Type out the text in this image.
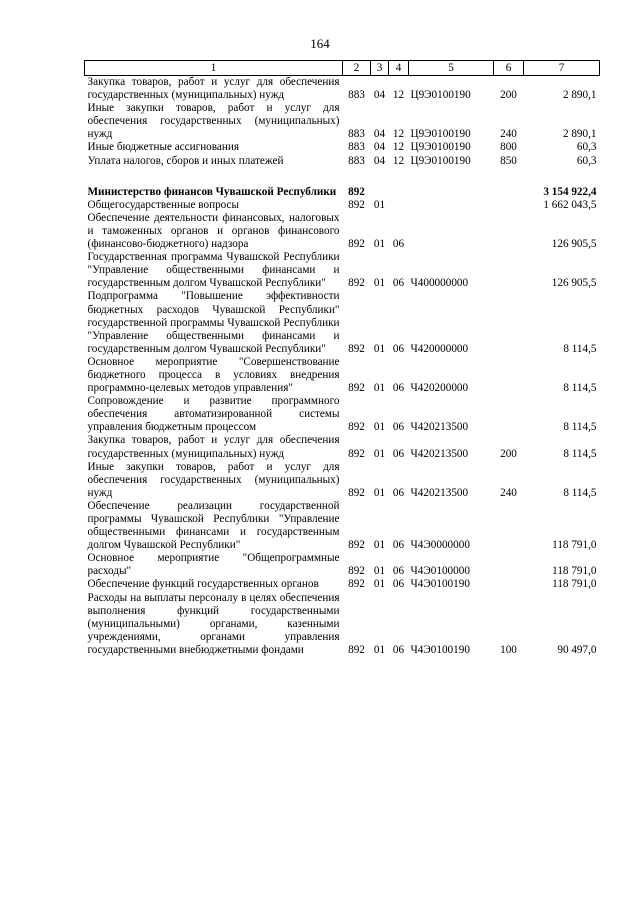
164
1	2	3	4	5	6	7
Закупка товаров, работ и услуг для обеспечения государственных (муниципальных) нужд	883	04	12	Ц9Э0100190	200	2 890,1
Иные закупки товаров, работ и услуг для обеспечения государственных (муниципальных) нужд	883	04	12	Ц9Э0100190	240	2 890,1
Иные бюджетные ассигнования	883	04	12	Ц9Э0100190	800	60,3
Уплата налогов, сборов и иных платежей	883	04	12	Ц9Э0100190	850	60,3

Министерство финансов Чувашской Республики	892					3 154 922,4
Общегосударственные вопросы	892	01				1 662 043,5
Обеспечение деятельности финансовых, налоговых и таможенных органов и органов финансового (финансово-бюджетного) надзора	892	01	06			126 905,5
Государственная программа Чувашской Республики "Управление общественными финансами и государственным долгом Чувашской Республики"	892	01	06	Ч400000000		126 905,5
Подпрограмма "Повышение эффективности бюджетных расходов Чувашской Республики" государственной программы Чувашской Республики "Управление общественными финансами и государственным долгом Чувашской Республики"	892	01	06	Ч420000000		8 114,5
Основное мероприятие "Совершенствование бюджетного процесса в условиях внедрения программно-целевых методов управления"	892	01	06	Ч420200000		8 114,5
Сопровождение и развитие программного обеспечения автоматизированной системы управления бюджетным процессом	892	01	06	Ч420213500		8 114,5
Закупка товаров, работ и услуг для обеспечения государственных (муниципальных) нужд	892	01	06	Ч420213500	200	8 114,5
Иные закупки товаров, работ и услуг для обеспечения государственных (муниципальных) нужд	892	01	06	Ч420213500	240	8 114,5
Обеспечение реализации государственной программы Чувашской Республики "Управление общественными финансами и государственным долгом Чувашской Республики"	892	01	06	Ч4Э0000000		118 791,0
Основное мероприятие "Общепрограммные расходы"	892	01	06	Ч4Э0100000		118 791,0
Обеспечение функций государственных органов	892	01	06	Ч4Э0100190		118 791,0
Расходы на выплаты персоналу в целях обеспечения выполнения функций государственными (муниципальными) органами, казенными учреждениями, органами управления государственными внебюджетными фондами	892	01	06	Ч4Э0100190	100	90 497,0
